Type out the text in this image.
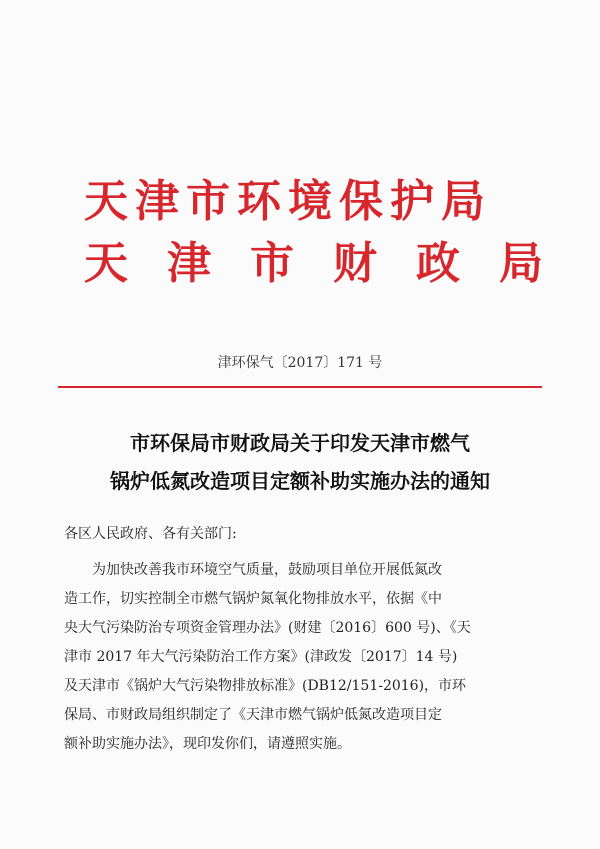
天津市环境保护局
天津市财政局
津环保气〔2017〕171 号
市环保局市财政局关于印发天津市燃气
锅炉低氮改造项目定额补助实施办法的通知
各区人民政府、各有关部门:
为加快改善我市环境空气质量，鼓励项目单位开展低氮改
造工作，切实控制全市燃气锅炉氮氧化物排放水平，依据《中
央大气污染防治专项资金管理办法》(财建〔2016〕600 号)、《天
津市 2017 年大气污染防治工作方案》(津政发〔2017〕14 号)
及天津市《锅炉大气污染物排放标准》(DB12/151-2016)，市环
保局、市财政局组织制定了《天津市燃气锅炉低氮改造项目定
额补助实施办法》，现印发你们，请遵照实施。
